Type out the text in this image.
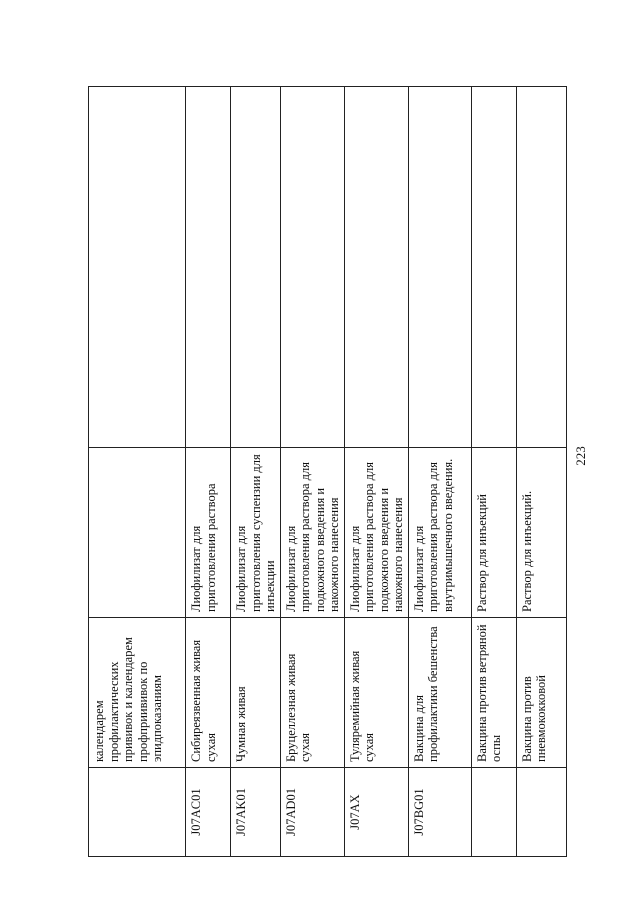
	календарем профилактических прививок и календарем профприививок по эпидпоказаниям		
J07AC01	Сибиреязвенная живая сухая	Лиофилизат для приготовления раствора	
J07AK01	Чумная живая	Лиофилизат для приготовления суспензии для инъекции	
J07AD01	Бруцеллезная живая сухая	Лиофилизат для приготовления раствора для подкожного введения и накожного нанесения	
J07AX	Туляремийная живая сухая	Лиофилизат для приготовления раствора для подкожного введения и накожного нанесения	
J07BG01	Вакцина для профилактики бешенства	Лиофилизат для приготовления раствора для внутримышечного введения.	
	Вакцина против ветряной оспы	Раствор для инъекций	
	Вакцина против пневмококковой	Раствор для инъекций.	
223
